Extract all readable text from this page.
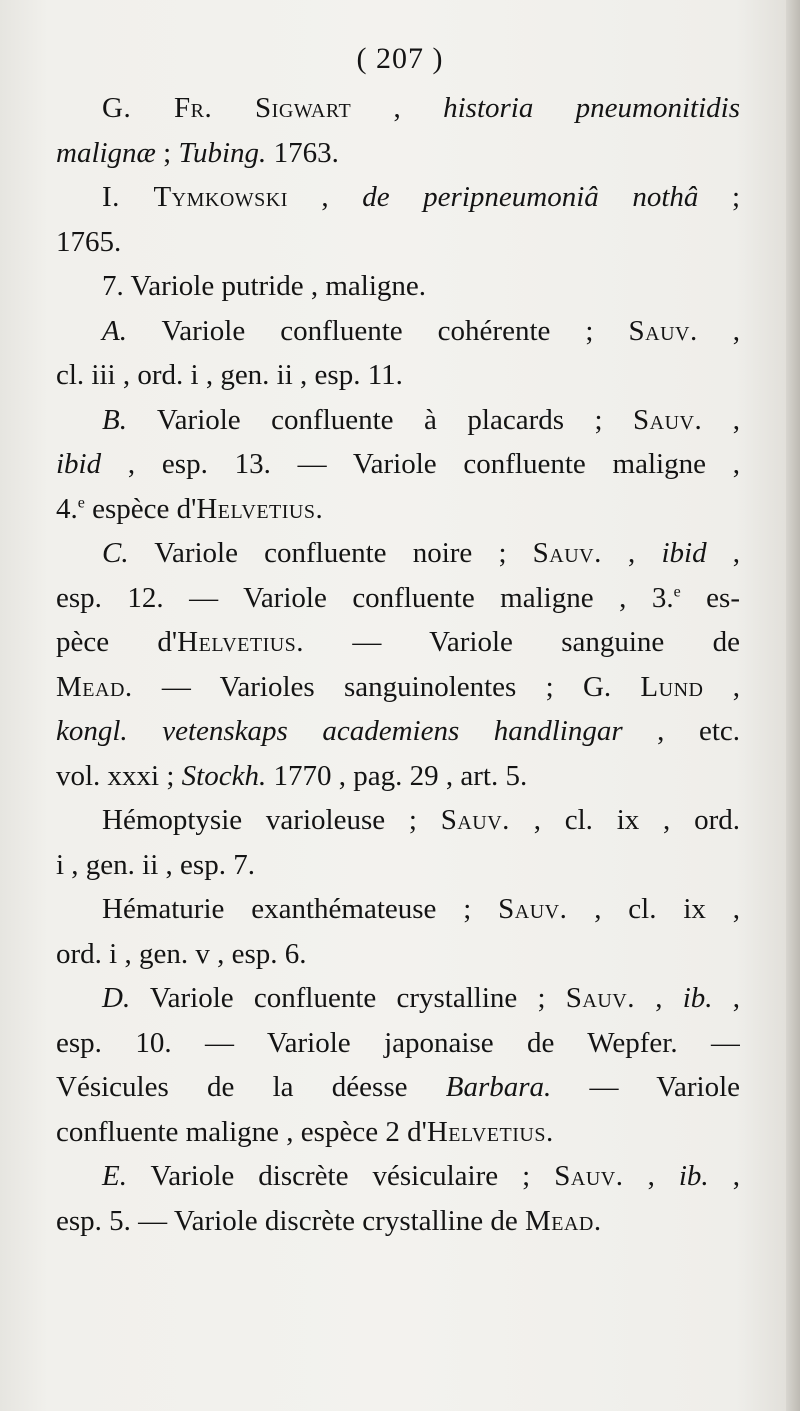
( 207 )
G. Fr. Sigwart , historia pneumonitidis
malignæ ; Tubing. 1763.
I. Tymkowski , de peripneumoniâ nothâ ;
1765.
7. Variole putride , maligne.
A. Variole confluente cohérente ; Sauv. ,
cl. iii , ord. i , gen. ii , esp. 11.
B. Variole confluente à placards ; Sauv. ,
ibid , esp. 13. — Variole confluente maligne ,
4.$^e$ espèce d'Helvetius.
C. Variole confluente noire ; Sauv. , ibid ,
esp. 12. — Variole confluente maligne , 3.$^e$ es-
pèce d'Helvetius. — Variole sanguine de
Mead. — Varioles sanguinolentes ; G. Lund ,
kongl. vetenskaps academiens handlingar , etc.
vol. xxxi ; Stockh. 1770 , pag. 29 , art. 5.
Hémoptysie varioleuse ; Sauv. , cl. ix , ord.
i , gen. ii , esp. 7.
Hématurie exanthémateuse ; Sauv. , cl. ix ,
ord. i , gen. v , esp. 6.
D. Variole confluente crystalline ; Sauv. , ib. ,
esp. 10. — Variole japonaise de Wepfer. —
Vésicules de la déesse Barbara. — Variole
confluente maligne , espèce 2 d'Helvetius.
E. Variole discrète vésiculaire ; Sauv. , ib. ,
esp. 5. — Variole discrète crystalline de Mead.
